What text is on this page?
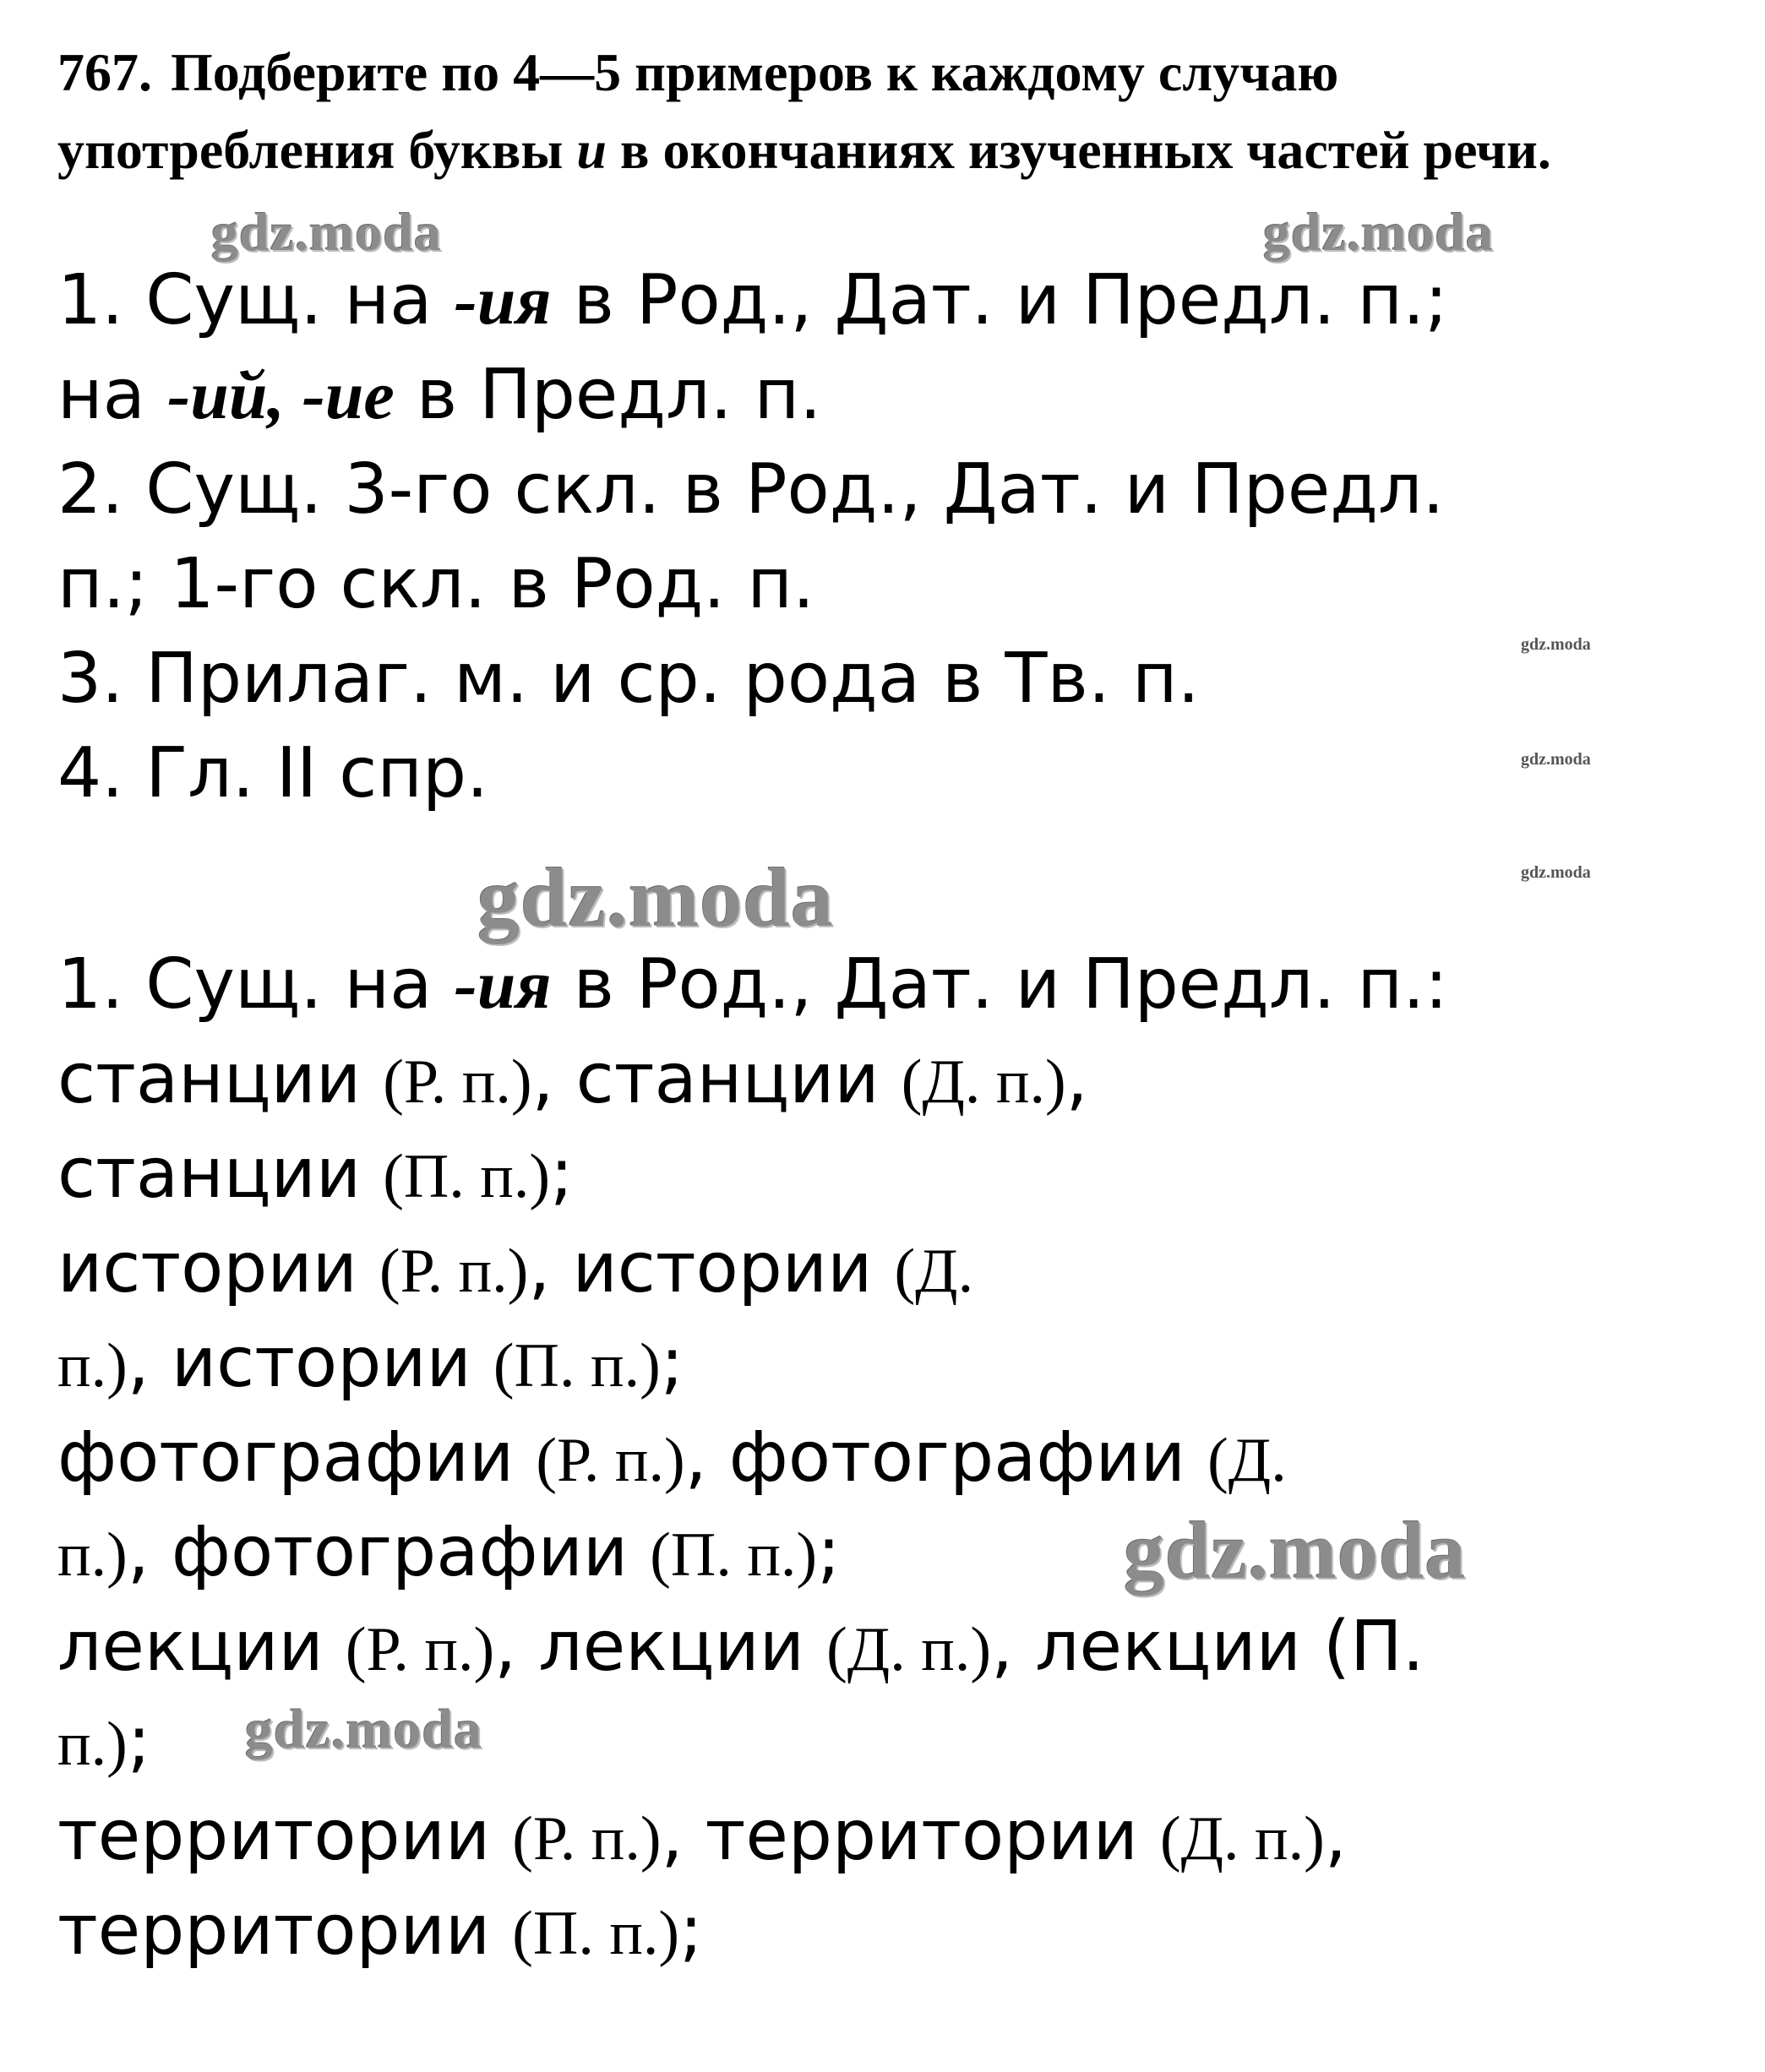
767. Подберите по 4—5 примеров к каждому случаю употребления буквы и в окончаниях изученных частей речи.

1. Сущ. на -ия в Род., Дат. и Предл. п.;

на -ий, -ие в Предл. п.

2. Сущ. 3-го скл. в Род., Дат. и Предл.

п.; 1-го скл. в Род. п.

3. Прилаг. м. и ср. рода в Тв. п.

4. Гл. II спр.

1. Сущ. на -ия в Род., Дат. и Предл. п.:

станции (Р. п.), станции (Д. п.),

станции (П. п.);

истории (Р. п.), истории (Д.

п.), истории (П. п.);

фотографии (Р. п.), фотографии (Д.

п.), фотографии (П. п.);

лекции (Р. п.), лекции (Д. п.), лекции (П.

п.);

территории (Р. п.), территории (Д. п.),

территории (П. п.);

gdz.moda	gdz.moda
gdz.moda
gdz.moda
gdz.moda
gdz.moda
gdz.moda
gdz.moda
